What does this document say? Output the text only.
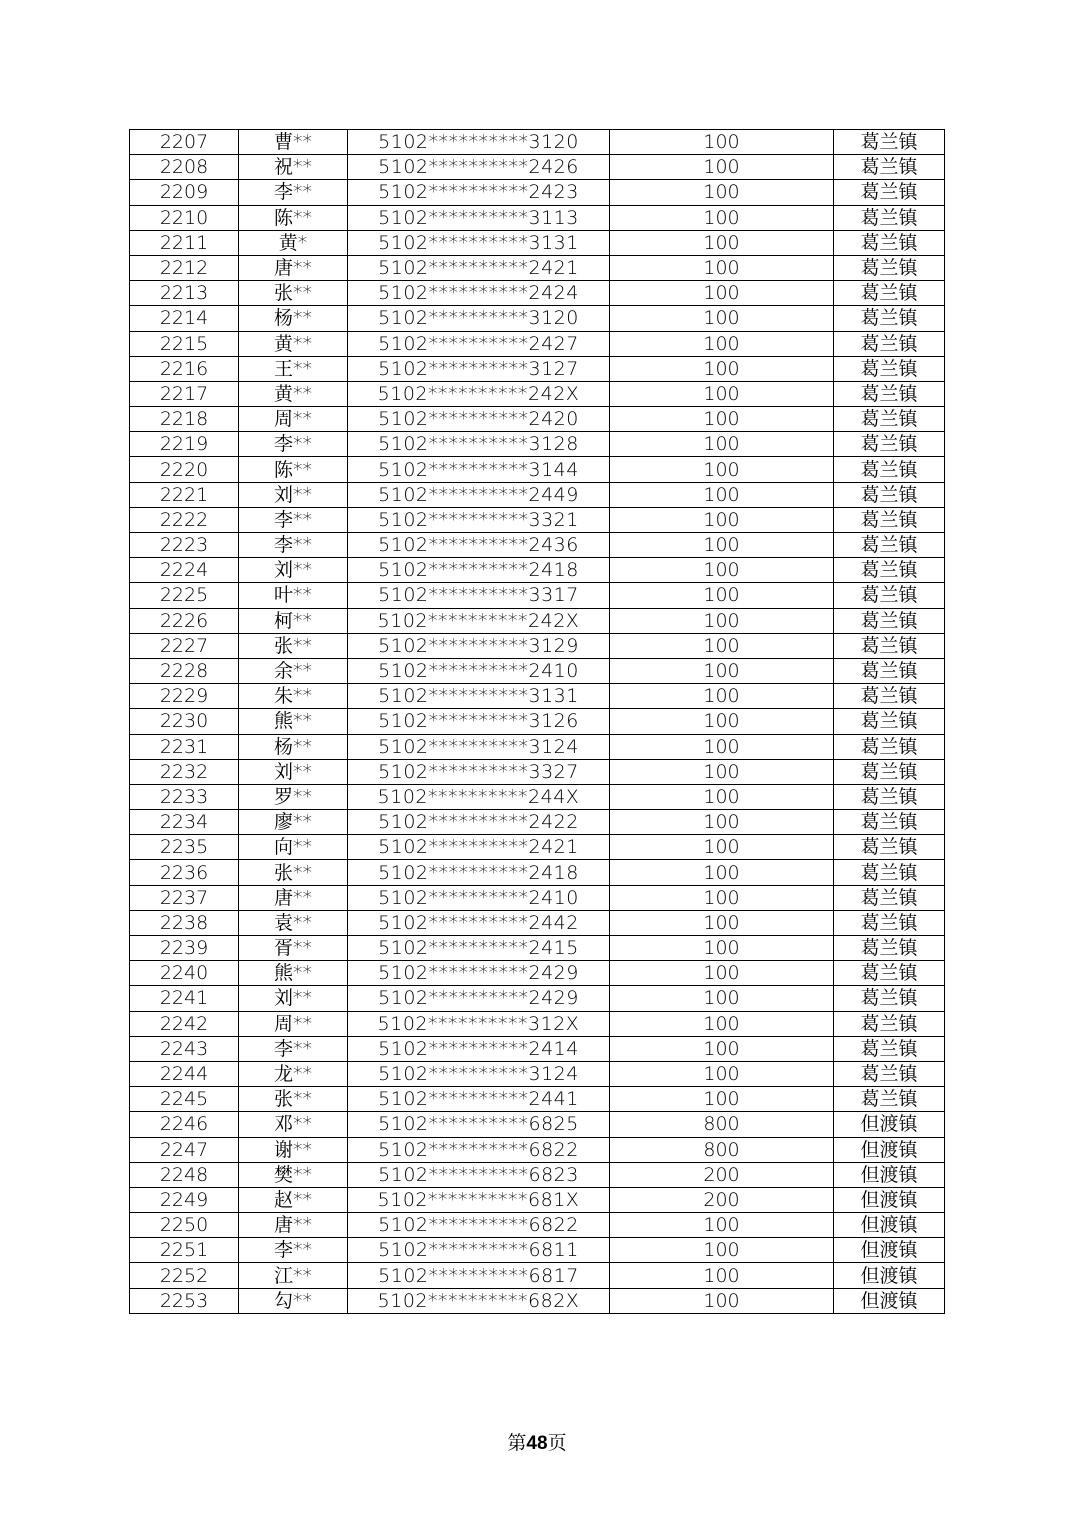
2207	曹**	5102**********3120	100	葛兰镇
2208	祝**	5102**********2426	100	葛兰镇
2209	李**	5102**********2423	100	葛兰镇
2210	陈**	5102**********3113	100	葛兰镇
2211	黄*	5102**********3131	100	葛兰镇
2212	唐**	5102**********2421	100	葛兰镇
2213	张**	5102**********2424	100	葛兰镇
2214	杨**	5102**********3120	100	葛兰镇
2215	黄**	5102**********2427	100	葛兰镇
2216	王**	5102**********3127	100	葛兰镇
2217	黄**	5102**********242X	100	葛兰镇
2218	周**	5102**********2420	100	葛兰镇
2219	李**	5102**********3128	100	葛兰镇
2220	陈**	5102**********3144	100	葛兰镇
2221	刘**	5102**********2449	100	葛兰镇
2222	李**	5102**********3321	100	葛兰镇
2223	李**	5102**********2436	100	葛兰镇
2224	刘**	5102**********2418	100	葛兰镇
2225	叶**	5102**********3317	100	葛兰镇
2226	柯**	5102**********242X	100	葛兰镇
2227	张**	5102**********3129	100	葛兰镇
2228	余**	5102**********2410	100	葛兰镇
2229	朱**	5102**********3131	100	葛兰镇
2230	熊**	5102**********3126	100	葛兰镇
2231	杨**	5102**********3124	100	葛兰镇
2232	刘**	5102**********3327	100	葛兰镇
2233	罗**	5102**********244X	100	葛兰镇
2234	廖**	5102**********2422	100	葛兰镇
2235	向**	5102**********2421	100	葛兰镇
2236	张**	5102**********2418	100	葛兰镇
2237	唐**	5102**********2410	100	葛兰镇
2238	袁**	5102**********2442	100	葛兰镇
2239	胥**	5102**********2415	100	葛兰镇
2240	熊**	5102**********2429	100	葛兰镇
2241	刘**	5102**********2429	100	葛兰镇
2242	周**	5102**********312X	100	葛兰镇
2243	李**	5102**********2414	100	葛兰镇
2244	龙**	5102**********3124	100	葛兰镇
2245	张**	5102**********2441	100	葛兰镇
2246	邓**	5102**********6825	800	但渡镇
2247	谢**	5102**********6822	800	但渡镇
2248	樊**	5102**********6823	200	但渡镇
2249	赵**	5102**********681X	200	但渡镇
2250	唐**	5102**********6822	100	但渡镇
2251	李**	5102**********6811	100	但渡镇
2252	江**	5102**********6817	100	但渡镇
2253	勾**	5102**********682X	100	但渡镇
第48页
